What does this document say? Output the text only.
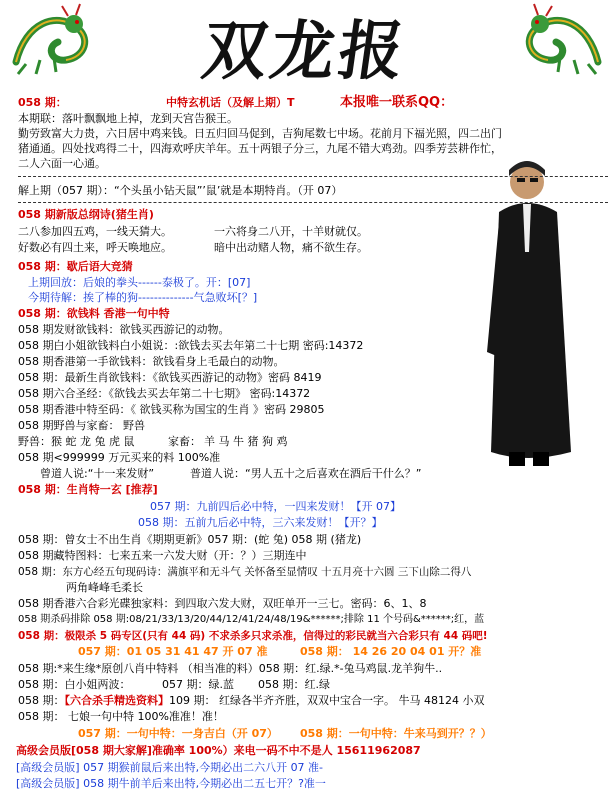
双龙报
058 期：	中特玄机话（及解上期）T	本报唯一联系QQ：
本期联：落叶飘飘地上掉，龙到天宫告猴王。
勤劳致富大力贵，六日居中鸡来钱。日五归回马促到，吉狗尾数七中场。花前月下福光照，四二出门
猪通通。四处找鸡得二十，四海欢呼庆羊年。五十两银子分三，九尾不错大鸡劲。四季芳芸耕作忙，
二人六面一心通。
解上期（057 期）：“个头虽小钻天鼠”’鼠’就是本期特肖。（开 07）
058 期新版总纲诗(猪生肖)
二八参加四五鸡，一线天猜大。	一六将身二八开，十羊财就仅。
好数必有四土来，呼天唤地应。	暗中出动赌人物，痛不欲生存。
058 期：歇后语大竞猜
上期回放：后娘的拳头------泰极了。开：[07]
今期待解：挨了棒的狗--------------气急败坏[？]
058 期：欲钱料 香港一句中特
058 期发财欲钱料：欲钱买西游记的动物。
058 期白小姐欲钱料白小姐说：:欲钱去买去年第二十七期 密码:14372
058 期香港第一手欲钱料：欲钱看身上毛最白的动物。
058 期：最新生肖欲钱料：《欲钱买西游记的动物》密码 8419
058 期六合圣经：《欲钱去买去年第二十七期》 密码:14372
058 期香港中特至码：《 欲钱买称为国宝的生肖 》密码 29805
058 期野兽与家畜： 野兽
野兽：猴 蛇 龙 兔 虎 鼠	家畜： 羊 马 牛 猪 狗 鸡
058 期<999999 万元买来的料 100%准
曾道人说:“十一来发财”	普道人说：“男人五十之后喜欢在酒后干什么？”
058 期：生肖特一玄 [推荐]
057 期：九前四后必中特，一四来发财！【开 07】
058 期：五前九后必中特，三六来发财！【开？】
058 期：曾女士不出生肖《期期更新》057 期：(蛇 兔) 058 期 (猪龙)
058 期藏特图料：七来五来一六发大财（开：？）三期连中
058 期：东方心经五句现码诗：满旗平和无斗气 关怀备至显情叹 十五月亮十六圆 三下山除二得八
两角峰峰毛柔长
058 期香港六合彩光碟独家料：到四取六发大财，双旺单开一三七。密码：6、1、8
058 期杀码排除 058 期:08/21/33/13/20/44/12/41/24/48/19&******;排除 11 个号码&******;红，蓝
058 期：极限杀 5 码专区(只有 44 码) 不求杀多只求杀准，信得过的彩民就当六合彩只有 44 码吧!
057 期：01 05 31 41 47 开 07 准	058 期： 14 26 20 04 01 开？准
058 期:*来生缘*原创八肖中特料 （相当准的料）058 期：红.绿.*-兔马鸡鼠.龙羊狗牛..
058 期：白小姐两波：	057 期：绿.蓝 058 期：红.绿
058 期：【六合杀手精选资料】109 期： 红绿各半齐齐胜，双双中宝合一字。 牛马 48124 小双
058 期： 七娘一句中特 100%准准！准！
057 期：一句中特：一身吉白（开 07） 058 期：一句中特：牛来马到开？？）
高级会员版[058 期大家解]准确率 100%）来电一码不中不是人 15611962087
[高级会员版] 057 期猴前鼠后来出特,今期必出二六八开 07 准-
[高级会员版] 058 期牛前羊后来出特,今期必出二五七开？?准一
